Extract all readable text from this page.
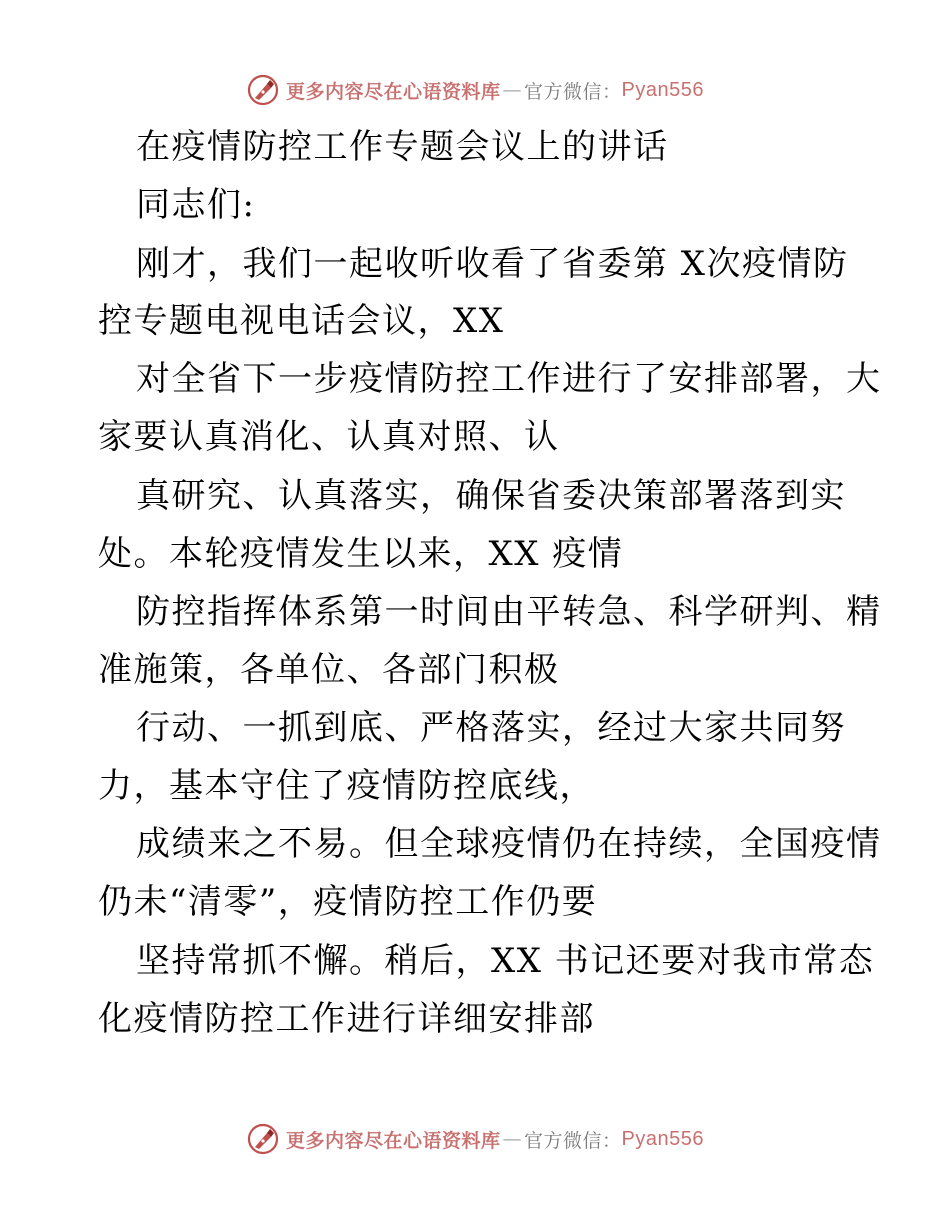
更多内容尽在心语资料库 — 官方微信： Pyan556
在疫情防控工作专题会议上的讲话
同志们:
刚才，我们一起收听收看了省委第 X次疫情防
控专题电视电话会议，XX
对全省下一步疫情防控工作进行了安排部署，大
家要认真消化、认真对照、认
真研究、认真落实，确保省委决策部署落到实
处。本轮疫情发生以来，XX 疫情
防控指挥体系第一时间由平转急、科学研判、精
准施策，各单位、各部门积极
行动、一抓到底、严格落实，经过大家共同努
力，基本守住了疫情防控底线，
成绩来之不易。但全球疫情仍在持续，全国疫情
仍未“清零”，疫情防控工作仍要
坚持常抓不懈。稍后，XX 书记还要对我市常态
化疫情防控工作进行详细安排部
更多内容尽在心语资料库 — 官方微信： Pyan556
